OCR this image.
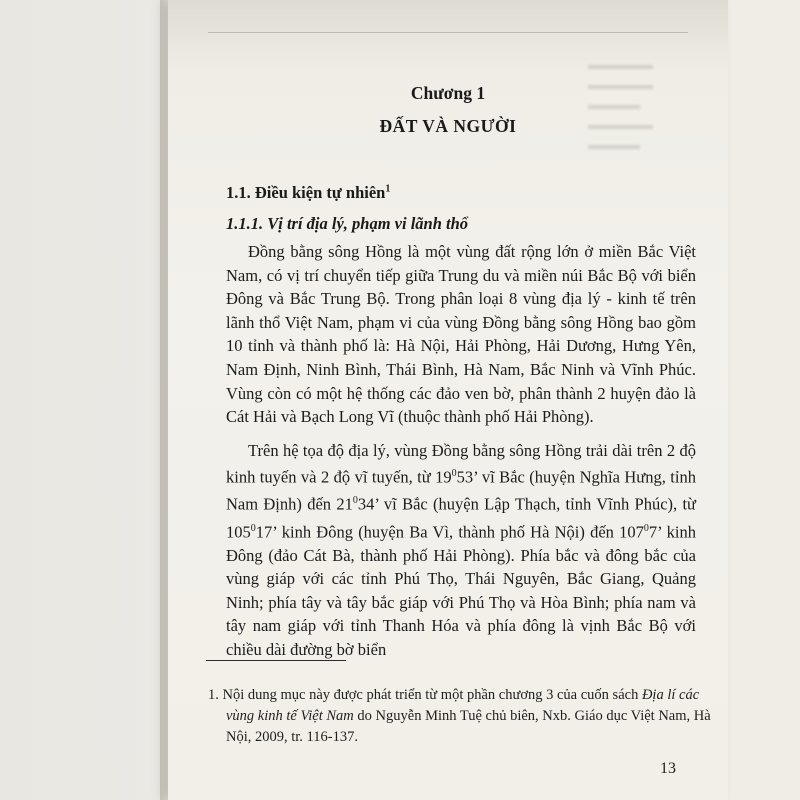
▬▬▬▬▬
▬▬▬▬▬
▬▬▬▬
▬▬▬▬▬
▬▬▬▬
Chương 1
ĐẤT VÀ NGƯỜI
1.1. Điều kiện tự nhiên$^1$
1.1.1. Vị trí địa lý, phạm vi lãnh thổ

Đồng bằng sông Hồng là một vùng đất rộng lớn ở miền Bắc Việt Nam, có vị trí chuyển tiếp giữa Trung du và miền núi Bắc Bộ với biển Đông và Bắc Trung Bộ. Trong phân loại 8 vùng địa lý - kinh tế trên lãnh thổ Việt Nam, phạm vi của vùng Đồng bằng sông Hồng bao gồm 10 tỉnh và thành phố là: Hà Nội, Hải Phòng, Hải Dương, Hưng Yên, Nam Định, Ninh Bình, Thái Bình, Hà Nam, Bắc Ninh và Vĩnh Phúc. Vùng còn có một hệ thống các đảo ven bờ, phân thành 2 huyện đảo là Cát Hải và Bạch Long Vĩ (thuộc thành phố Hải Phòng).

Trên hệ tọa độ địa lý, vùng Đồng bằng sông Hồng trải dài trên 2 độ kinh tuyến và 2 độ vĩ tuyến, từ $19^053$’ vĩ Bắc (huyện Nghĩa Hưng, tỉnh Nam Định) đến $21^034$’ vĩ Bắc (huyện Lập Thạch, tỉnh Vĩnh Phúc), từ $105^017$’ kinh Đông (huyện Ba Vì, thành phố Hà Nội) đến $107^07$’ kinh Đông (đảo Cát Bà, thành phố Hải Phòng). Phía bắc và đông bắc của vùng giáp với các tỉnh Phú Thọ, Thái Nguyên, Bắc Giang, Quảng Ninh; phía tây và tây bắc giáp với Phú Thọ và Hòa Bình; phía nam và tây nam giáp với tỉnh Thanh Hóa và phía đông là vịnh Bắc Bộ với chiều dài đường bờ biển

1. Nội dung mục này được phát triển từ một phần chương 3 của cuốn sách Địa lí các vùng kinh tế Việt Nam do Nguyễn Minh Tuệ chủ biên, Nxb. Giáo dục Việt Nam, Hà Nội, 2009, tr. 116-137.
13
